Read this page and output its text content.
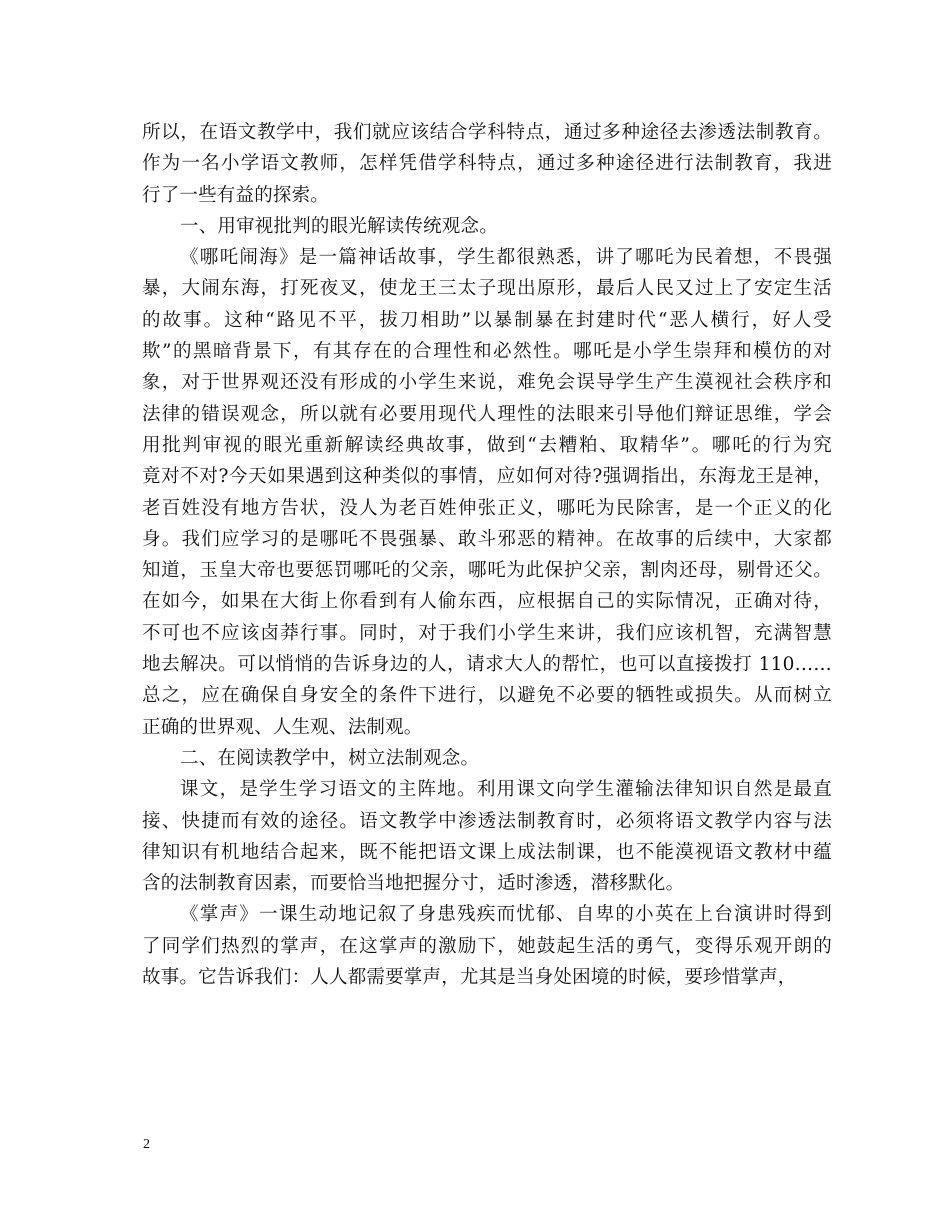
所以，在语文教学中，我们就应该结合学科特点，通过多种途径去渗透法制教育。
作为一名小学语文教师，怎样凭借学科特点，通过多种途径进行法制教育，我进
行了一些有益的探索。
一、用审视批判的眼光解读传统观念。
《哪吒闹海》是一篇神话故事，学生都很熟悉，讲了哪吒为民着想，不畏强
暴，大闹东海，打死夜叉，使龙王三太子现出原形，最后人民又过上了安定生活
的故事。这种“路见不平，拔刀相助”以暴制暴在封建时代“恶人横行，好人受
欺”的黑暗背景下，有其存在的合理性和必然性。哪吒是小学生崇拜和模仿的对
象，对于世界观还没有形成的小学生来说，难免会误导学生产生漠视社会秩序和
法律的错误观念，所以就有必要用现代人理性的法眼来引导他们辩证思维，学会
用批判审视的眼光重新解读经典故事，做到“去糟粕、取精华”。哪吒的行为究
竟对不对?今天如果遇到这种类似的事情，应如何对待?强调指出，东海龙王是神，
老百姓没有地方告状，没人为老百姓伸张正义，哪吒为民除害，是一个正义的化
身。我们应学习的是哪吒不畏强暴、敢斗邪恶的精神。在故事的后续中，大家都
知道，玉皇大帝也要惩罚哪吒的父亲，哪吒为此保护父亲，割肉还母，剔骨还父。
在如今，如果在大街上你看到有人偷东西，应根据自己的实际情况，正确对待，
不可也不应该卤莽行事。同时，对于我们小学生来讲，我们应该机智，充满智慧
地去解决。可以悄悄的告诉身边的人，请求大人的帮忙，也可以直接拨打 110……
总之，应在确保自身安全的条件下进行，以避免不必要的牺牲或损失。从而树立
正确的世界观、人生观、法制观。
二、在阅读教学中，树立法制观念。
课文，是学生学习语文的主阵地。利用课文向学生灌输法律知识自然是最直
接、快捷而有效的途径。语文教学中渗透法制教育时，必须将语文教学内容与法
律知识有机地结合起来，既不能把语文课上成法制课，也不能漠视语文教材中蕴
含的法制教育因素，而要恰当地把握分寸，适时渗透，潜移默化。
《掌声》一课生动地记叙了身患残疾而忧郁、自卑的小英在上台演讲时得到
了同学们热烈的掌声，在这掌声的激励下，她鼓起生活的勇气，变得乐观开朗的
故事。它告诉我们：人人都需要掌声，尤其是当身处困境的时候，要珍惜掌声，
2
